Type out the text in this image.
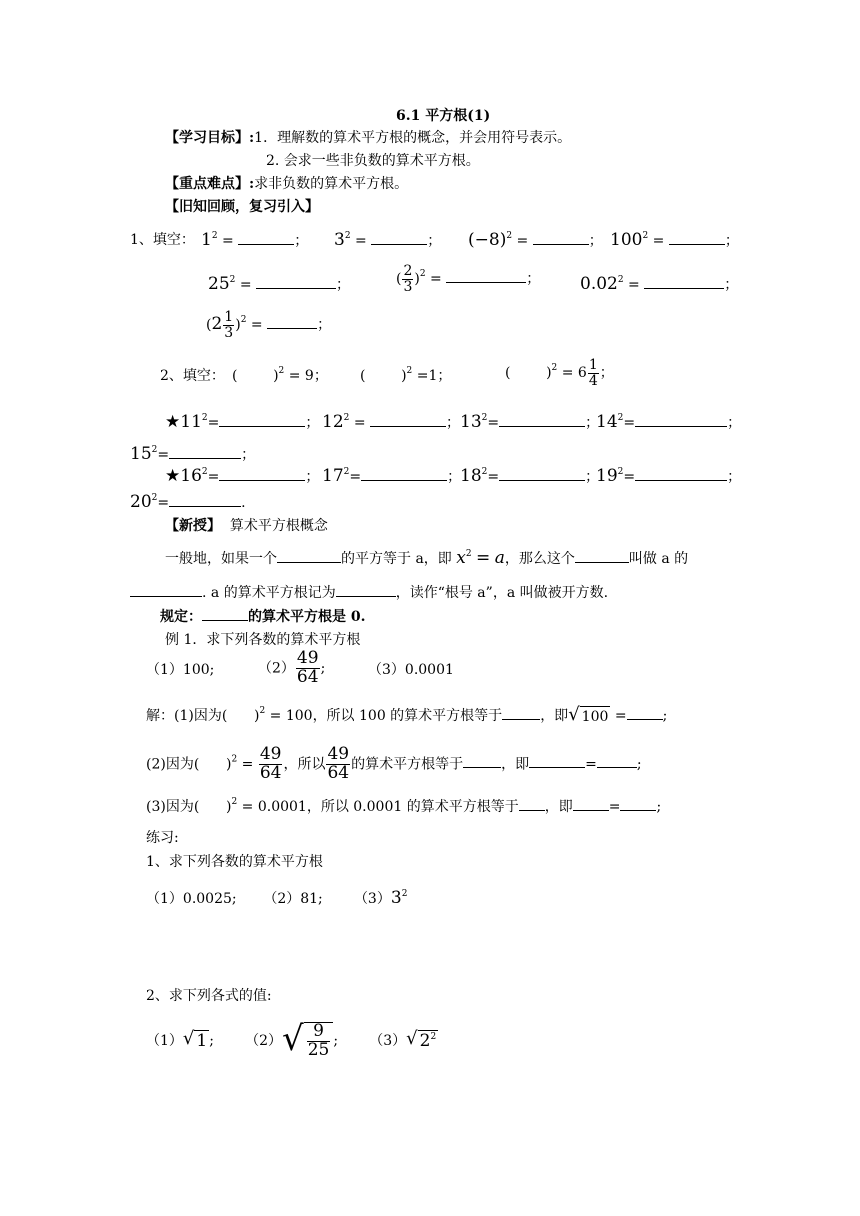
6.1 平方根(1)
【学习目标】:1．理解数的算术平方根的概念，并会用符号表示。
2. 会求一些非负数的算术平方根。
【重点难点】:求非负数的算术平方根。
【旧知回顾，复习引入】
1、填空： $1^2$ =	； $3^2$ =	； $(-8)^2$ =	； $100^2$ =	；
$25^2$ =	；	( $\frac{2}{3} )^2$ =	； $0.02^2$ =	；
$(2 \frac{1}{3} )^2$ =	；
2、填空： (        )$^2$ = 9； (        )$^2$ =1；	(        )$^2 = 6 \frac{1}{4}$ ；
$★11^2=$	； $12^2$ =	； $13^2=$	；
$14^2=$	；
$15^2=$	；
$★16^2=$	； $17^2=$	；
$18^2=$	；
$19^2=$	；
$20^2=$	.
【新授】 算术平方根概念
一般地，如果一个	的平方等于 a，即 $x^2 = a$，那么这个	叫做 a 的
. a 的算术平方根记为	，读作“根号 a”，a 叫做被开方数.
规定：	的算术平方根是 0.
例 1．求下列各数的算术平方根
（1）100;	$(2) \frac{49}{64}$ ;	（3）0.0001
解：(1)因为(      )$^2$ = 100，所以 100 的算术平方根等于	，即 √ 100 =	;
(2)因为(      )$^2 = \frac{49}{64}$ ，所以 $\frac{49}{64}$ 的算术平方根等于	，即	=	;
(3)因为(      )$^2$ = 0.0001，所以 0.0001 的算术平方根等于 ，即	=	;
练习:
1、求下列各数的算术平方根
（1）0.0025; （2）81; $(3)3^2$
2、求下列各式的值:
（1） √ 1 ;       （2） √ $\frac{9}{25}$ ;       （3） √ $2^2$
